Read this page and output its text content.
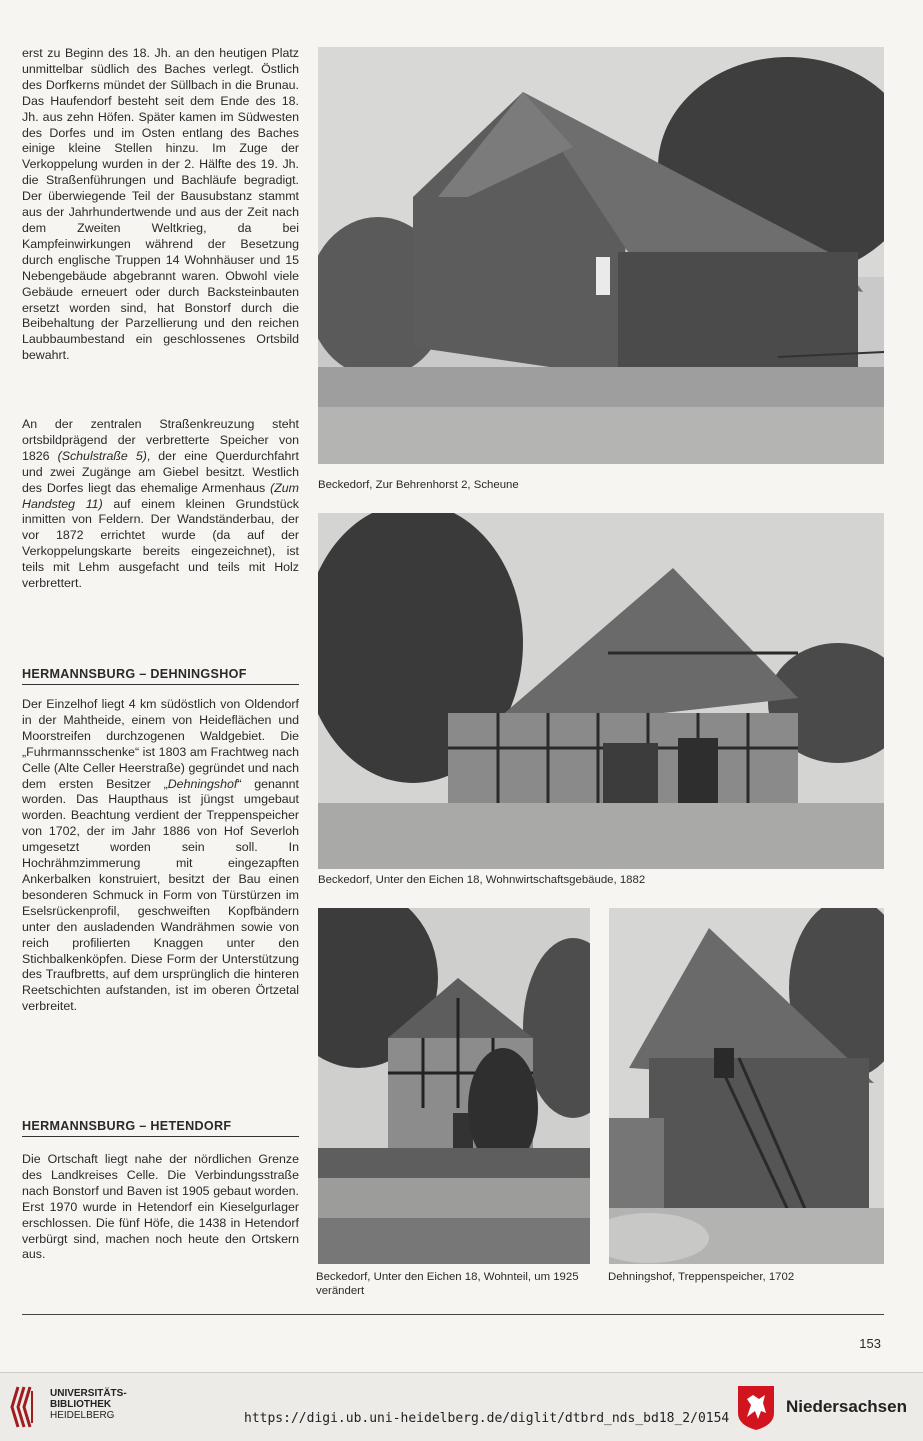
erst zu Beginn des 18. Jh. an den heutigen Platz unmittelbar südlich des Baches verlegt. Östlich des Dorfkerns mündet der Süllbach in die Brunau. Das Haufendorf besteht seit dem Ende des 18. Jh. aus zehn Höfen. Später kamen im Südwesten des Dorfes und im Osten entlang des Baches einige kleine Stellen hinzu. Im Zuge der Verkoppelung wurden in der 2. Hälfte des 19. Jh. die Straßenführungen und Bachläufe begradigt. Der überwiegende Teil der Bausubstanz stammt aus der Jahrhundertwende und aus der Zeit nach dem Zweiten Weltkrieg, da bei Kampfeinwirkungen während der Besetzung durch englische Truppen 14 Wohnhäuser und 15 Nebengebäude abgebrannt waren. Obwohl viele Gebäude erneuert oder durch Backsteinbauten ersetzt worden sind, hat Bonstorf durch die Beibehaltung der Parzellierung und den reichen Laubbaumbestand ein geschlossenes Ortsbild bewahrt.

An der zentralen Straßenkreuzung steht ortsbildprägend der verbretterte Speicher von 1826 (Schulstraße 5), der eine Querdurchfahrt und zwei Zugänge am Giebel besitzt. Westlich des Dorfes liegt das ehemalige Armenhaus (Zum Handsteg 11) auf einem kleinen Grundstück inmitten von Feldern. Der Wandständerbau, der vor 1872 errichtet wurde (da auf der Verkoppelungskarte bereits eingezeichnet), ist teils mit Lehm ausgefacht und teils mit Holz verbrettert.

HERMANNSBURG – DEHNINGSHOF

Der Einzelhof liegt 4 km südöstlich von Oldendorf in der Mahtheide, einem von Heideflächen und Moorstreifen durchzogenen Waldgebiet. Die „Fuhrmannsschenke“ ist 1803 am Frachtweg nach Celle (Alte Celler Heerstraße) gegründet und nach dem ersten Besitzer „Dehningshof“ genannt worden. Das Haupthaus ist jüngst umgebaut worden. Beachtung verdient der Treppenspeicher von 1702, der im Jahr 1886 von Hof Severloh umgesetzt worden sein soll. In Hochrähmzimmerung mit eingezapften Ankerbalken konstruiert, besitzt der Bau einen besonderen Schmuck in Form von Türstürzen im Eselsrückenprofil, geschweiften Kopfbändern unter den ausladenden Wandrähmen sowie von reich profilierten Knaggen unter den Stichbalkenköpfen. Diese Form der Unterstützung des Traufbretts, auf dem ursprünglich die hinteren Reetschichten aufstanden, ist im oberen Örtzetal verbreitet.

HERMANNSBURG – HETENDORF

Die Ortschaft liegt nahe der nördlichen Grenze des Landkreises Celle. Die Verbindungsstraße nach Bonstorf und Baven ist 1905 gebaut worden. Erst 1970 wurde in Hetendorf ein Kieselgurlager erschlossen. Die fünf Höfe, die 1438 in Hetendorf verbürgt sind, machen noch heute den Ortskern aus.

Beckedorf, Zur Behrenhorst 2, Scheune
Beckedorf, Unter den Eichen 18, Wohnwirtschaftsgebäude, 1882
Beckedorf, Unter den Eichen 18, Wohnteil, um 1925 verändert
Dehningshof, Treppenspeicher, 1702
153
UNIVERSITÄTS-
BIBLIOTHEK
HEIDELBERG	https://digi.ub.uni-heidelberg.de/diglit/dtbrd_nds_bd18_2/0154
Niedersachsen
